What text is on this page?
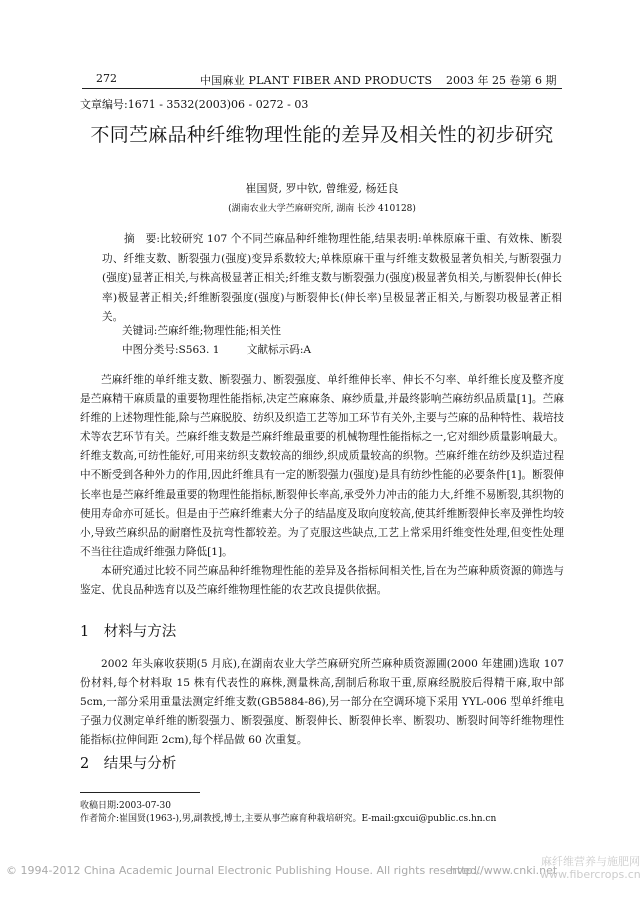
272	中国麻业 PLANT FIBER AND PRODUCTS 2003 年 25 卷第 6 期
文章编号:1671 - 3532(2003)06 - 0272 - 03
不同苎麻品种纤维物理性能的差异及相关性的初步研究
崔国贤, 罗中钦, 曾维爱, 杨廷良
(湖南农业大学苎麻研究所, 湖南 长沙 410128)

摘　要:比较研究 107 个不同苎麻品种纤维物理性能,结果表明:单株原麻干重、有效株、断裂功、纤维支数、断裂强力(强度)变异系数较大;单株原麻干重与纤维支数极显著负相关,与断裂强力(强度)显著正相关,与株高极显著正相关;纤维支数与断裂强力(强度)极显著负相关,与断裂伸长(伸长率)极显著正相关;纤维断裂强度(强度)与断裂伸长(伸长率)呈极显著正相关,与断裂功极显著正相关。

关键词:苎麻纤维;物理性能;相关性
中图分类号:S563. 1	文献标示码:A

苎麻纤维的单纤维支数、断裂强力、断裂强度、单纤维伸长率、伸长不匀率、单纤维长度及整齐度是苎麻精干麻质量的重要物理性能指标,决定苎麻麻条、麻纱质量,并最终影响苎麻纺织品质量[1]。苎麻纤维的上述物理性能,除与苎麻脱胶、纺织及织造工艺等加工环节有关外,主要与苎麻的品种特性、栽培技术等农艺环节有关。苎麻纤维支数是苎麻纤维最重要的机械物理性能指标之一,它对细纱质量影响最大。纤维支数高,可纺性能好,可用来纺织支数较高的细纱,织成质量较高的织物。苎麻纤维在纺纱及织造过程中不断受到各种外力的作用,因此纤维具有一定的断裂强力(强度)是具有纺纱性能的必要条件[1]。断裂伸长率也是苎麻纤维最重要的物理性能指标,断裂伸长率高,承受外力冲击的能力大,纤维不易断裂,其织物的使用寿命亦可延长。但是由于苎麻纤维素大分子的结晶度及取向度较高,使其纤维断裂伸长率及弹性均较小,导致苎麻织品的耐磨性及抗弯性都较差。为了克服这些缺点,工艺上常采用纤维变性处理,但变性处理不当往往造成纤维强力降低[1]。

本研究通过比较不同苎麻品种纤维物理性能的差异及各指标间相关性,旨在为苎麻种质资源的筛选与鉴定、优良品种选育以及苎麻纤维物理性能的农艺改良提供依据。

1　材料与方法

2002 年头麻收获期(5 月底),在湖南农业大学苎麻研究所苎麻种质资源圃(2000 年建圃)选取 107 份材料,每个材料取 15 株有代表性的麻株,测量株高,刮制后称取干重,原麻经脱胶后得精干麻,取中部 5cm,一部分采用重量法测定纤维支数(GB5884-86),另一部分在空调环境下采用 YYL-006 型单纤维电子强力仪测定单纤维的断裂强力、断裂强度、断裂伸长、断裂伸长率、断裂功、断裂时间等纤维物理性能指标(拉伸间距 2cm),每个样品做 60 次重复。

2　结果与分析
收稿日期:2003-07-30
作者简介:崔国贤(1963-),男,副教授,博士,主要从事苎麻育种栽培研究。E-mail:gxcui@public.cs.hn.cn
© 1994-2012 China Academic Journal Electronic Publishing House. All rights reserved.
http://www.cnki.net
麻纤维营养与施肥网
www.fibercrops.cn
